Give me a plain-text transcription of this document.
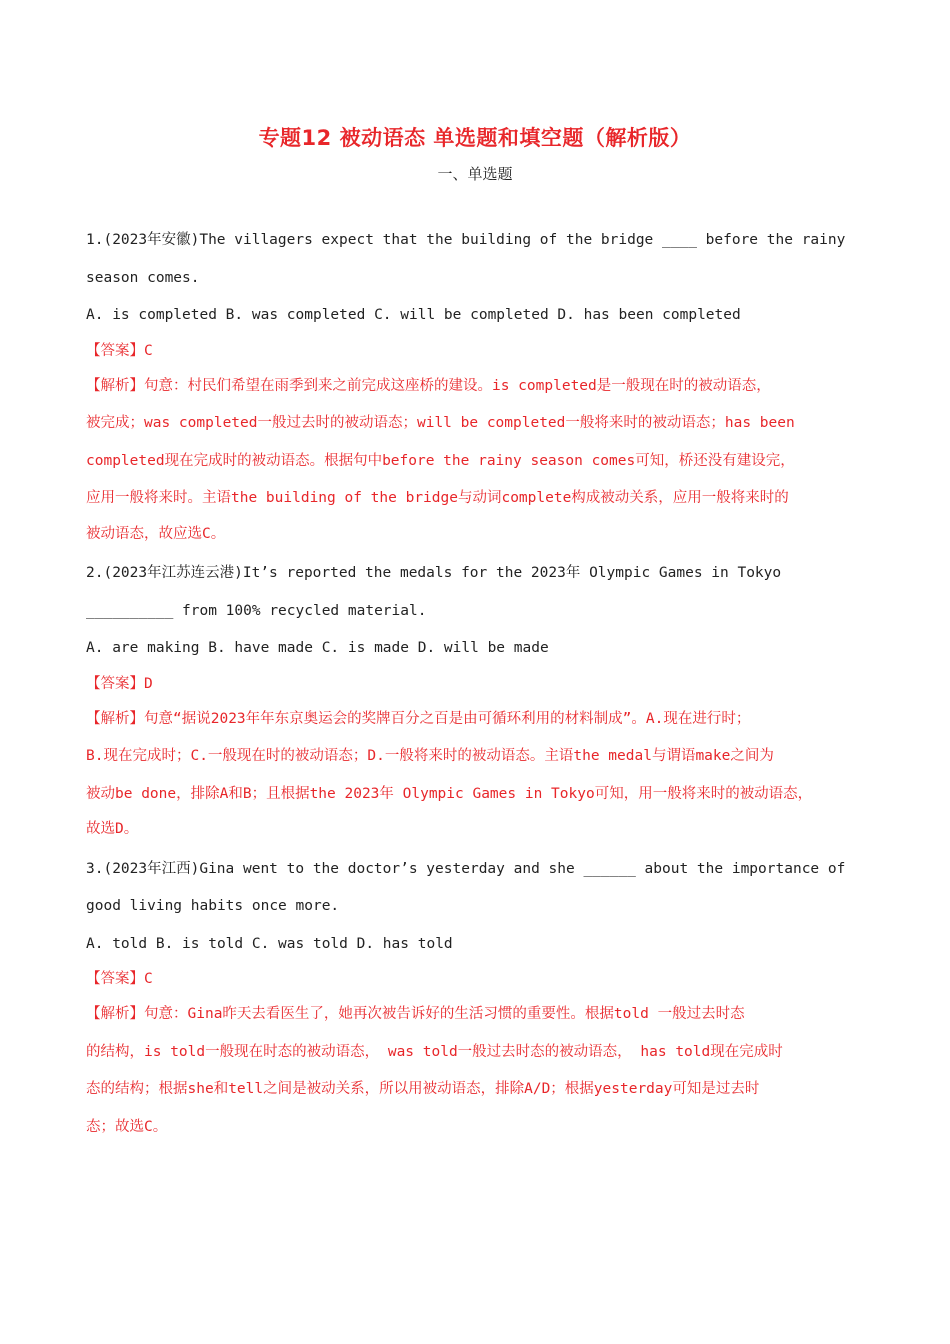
专题12 被动语态 单选题和填空题（解析版）
一、单选题
1.(2023年安徽)The villagers expect that the building of the bridge ____ before the rainy
season comes.
A. is completed B. was completed C. will be completed D. has been completed
【答案】C
【解析】句意：村民们希望在雨季到来之前完成这座桥的建设。is completed是一般现在时的被动语态，
被完成；was completed一般过去时的被动语态；will be completed一般将来时的被动语态；has been
completed现在完成时的被动语态。根据句中before the rainy season comes可知，桥还没有建设完，
应用一般将来时。主语the building of the bridge与动词complete构成被动关系，应用一般将来时的
被动语态，故应选C。
2.(2023年江苏连云港)It’s reported the medals for the 2023年 Olympic Games in Tokyo
__________ from 100% recycled material.
A. are making B. have made C. is made D. will be made
【答案】D
【解析】句意“据说2023年年东京奥运会的奖牌百分之百是由可循环利用的材料制成”。A.现在进行时；
B.现在完成时；C.一般现在时的被动语态；D.一般将来时的被动语态。主语the medal与谓语make之间为
被动be done，排除A和B；且根据the 2023年 Olympic Games in Tokyo可知，用一般将来时的被动语态，
故选D。
3.(2023年江西)Gina went to the doctor’s yesterday and she ______ about the importance of
good living habits once more.
A. told B. is told C. was told D. has told
【答案】C
【解析】句意：Gina昨天去看医生了，她再次被告诉好的生活习惯的重要性。根据told 一般过去时态
的结构，is told一般现在时态的被动语态， was told一般过去时态的被动语态， has told现在完成时
态的结构；根据she和tell之间是被动关系，所以用被动语态，排除A/D；根据yesterday可知是过去时
态；故选C。
